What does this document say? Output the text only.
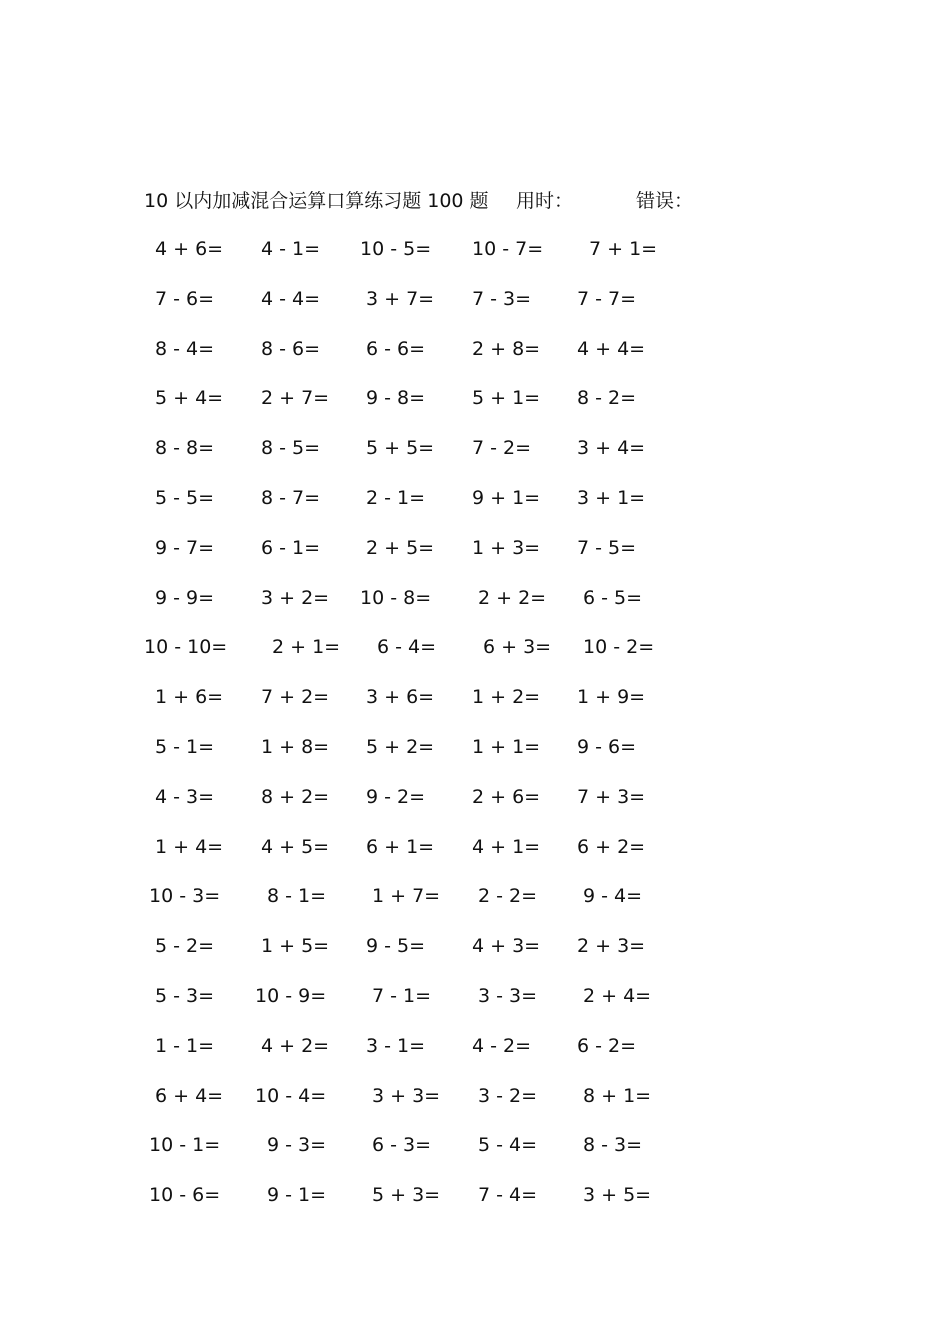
10 以内加减混合运算口算练习题 100 题 用时：	错误：
4 + 6= 4 - 1= 10 - 5= 10 - 7= 7 + 1=
7 - 6= 4 - 4= 3 + 7= 7 - 3= 7 - 7=
8 - 4= 8 - 6= 6 - 6= 2 + 8= 4 + 4=
5 + 4= 2 + 7= 9 - 8= 5 + 1= 8 - 2=
8 - 8= 8 - 5= 5 + 5= 7 - 2= 3 + 4=
5 - 5= 8 - 7= 2 - 1= 9 + 1= 3 + 1=
9 - 7= 6 - 1= 2 + 5= 1 + 3= 7 - 5=
9 - 9= 3 + 2= 10 - 8= 2 + 2= 6 - 5=
10 - 10= 2 + 1= 6 - 4= 6 + 3= 10 - 2=
1 + 6= 7 + 2= 3 + 6= 1 + 2= 1 + 9=
5 - 1= 1 + 8= 5 + 2= 1 + 1= 9 - 6=
4 - 3= 8 + 2= 9 - 2= 2 + 6= 7 + 3=
1 + 4= 4 + 5= 6 + 1= 4 + 1= 6 + 2=
10 - 3= 8 - 1= 1 + 7= 2 - 2= 9 - 4=
5 - 2= 1 + 5= 9 - 5= 4 + 3= 2 + 3=
5 - 3= 10 - 9= 7 - 1= 3 - 3= 2 + 4=
1 - 1= 4 + 2= 3 - 1= 4 - 2= 6 - 2=
6 + 4= 10 - 4= 3 + 3= 3 - 2= 8 + 1=
10 - 1= 9 - 3= 6 - 3= 5 - 4= 8 - 3=
10 - 6= 9 - 1= 5 + 3= 7 - 4= 3 + 5=
